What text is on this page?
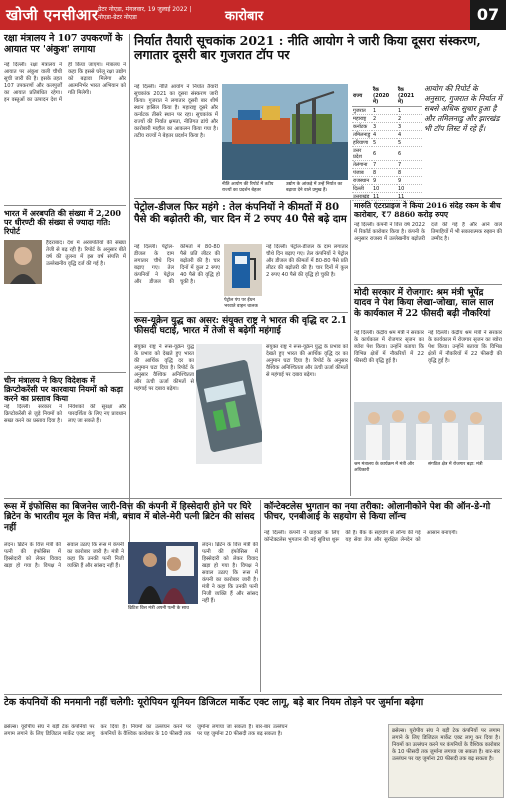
खोजी एनसीआर ग्रेटर नोएडा, मंगलवार, 19 जुलाई 2022 | नोएडा-ग्रेटर नोएडा	कारोबार	07
रक्षा मंत्रालय ने 107 उपकरणों के आयात पर 'अंकुश' लगाया
नई दिल्ली। रक्षा मंत्रालय ने आयात पर अंकुश वाली चौथी सूची जारी की है। इसके तहत 107 उपकरणों और कलपुर्जों का आयात प्रतिबंधित रहेगा। इन वस्तुओं का उत्पादन देश में ही किया जाएगा। मंत्रालय ने कहा कि इससे घरेलू रक्षा उद्योग को बढ़ावा मिलेगा और आत्मनिर्भर भारत अभियान को गति मिलेगी।
भारत में अरबपति की संख्या में 2,200 पर धीरण्टी की संख्या से ज्यादा गति: रिपोर्ट
हैदराबाद। देश में अरबपतियों की संख्या तेजी से बढ़ रही है। रिपोर्ट के अनुसार बीते वर्ष की तुलना में इस वर्ष संपत्ति में उल्लेखनीय वृद्धि दर्ज की गई है।
चीन मंत्रालय ने किए विदेशक में क्रिप्टोकरेंसी पर कारवाया नियमों को कड़ा करने का प्रस्ताव किया
नई दिल्ली। सरकार ने क्रिप्टोकरेंसी से जुड़े नियमों को सख्त करने का प्रस्ताव दिया है। निवेशकों की सुरक्षा और पारदर्शिता के लिए नए प्रावधान लाए जा सकते हैं।
निर्यात तैयारी सूचकांक 2021 : नीति आयोग ने जारी किया दूसरा संस्करण, लगातार दूसरी बार गुजरात टॉप पर
नई दिल्ली। नीति आयोग ने निर्यात तैयारी सूचकांक 2021 का दूसरा संस्करण जारी किया। गुजरात ने लगातार दूसरी बार शीर्ष स्थान हासिल किया है। महाराष्ट्र दूसरे और कर्नाटक तीसरे स्थान पर रहा। सूचकांक में राज्यों की निर्यात क्षमता, नीतिगत ढांचे और कारोबारी माहौल का आकलन किया गया है। तटीय राज्यों ने बेहतर प्रदर्शन किया है।
नीति आयोग की रिपोर्ट में तटीय राज्यों का प्रदर्शन बेहतर
उद्योग के आंकड़े में उन्हें निर्यात का बढ़ावा देने वाले प्रमुख हैं।
राज्य	रैंक (2020 में)	रैंक (2021 में)
गुजरात	1	1
महाराष्ट्र	2	2
कर्नाटक	3	3
तमिलनाडु	4	4
हरियाणा	5	5
उत्तर प्रदेश	6	6
तेलंगाना	7	7
पंजाब	8	8
राजस्थान	9	9
दिल्ली	10	10
उत्तराखंड	11	11
आयोग की रिपोर्ट के अनुसार, गुजरात के निर्यात में सबसे अधिक सुधार हुआ है और तमिलनाडु और झारखंड भी टॉप लिस्ट में रहे हैं।
पेट्रोल-डीजल फिर महंगे : तेल कंपनियों ने कीमतों में 80 पैसे की बढ़ोतरी की, चार दिन में 2 रुपए 40 पैसे बढ़े दाम
नई दिल्ली। पेट्रोल-डीजल के दाम लगातार चौथे दिन बढ़ाए गए। तेल कंपनियों ने पेट्रोल और डीजल की कीमतों में 80-80 पैसे प्रति लीटर की बढ़ोतरी की है। चार दिनों में कुल 2 रुपए 40 पैसे की वृद्धि हो चुकी है।
पेट्रोल पंप पर ईंधन भरवाते वाहन चालक
नई दिल्ली। पेट्रोल-डीजल के दाम लगातार चौथे दिन बढ़ाए गए। तेल कंपनियों ने पेट्रोल और डीजल की कीमतों में 80-80 पैसे प्रति लीटर की बढ़ोतरी की है। चार दिनों में कुल 2 रुपए 40 पैसे की वृद्धि हो चुकी है।
रूस-यूक्रेन युद्ध का असर: संयुक्त राष्ट्र ने भारत की वृद्धि दर 2.1 फीसदी घटाई, भारत में तेजी से बढ़ेगी महंगाई
संयुक्त राष्ट्र ने रूस-यूक्रेन युद्ध के प्रभाव को देखते हुए भारत की आर्थिक वृद्धि दर का अनुमान घटा दिया है। रिपोर्ट के अनुसार वैश्विक अनिश्चितता और ऊंची ऊर्जा कीमतों से महंगाई पर दबाव बढ़ेगा।
संयुक्त राष्ट्र ने रूस-यूक्रेन युद्ध के प्रभाव को देखते हुए भारत की आर्थिक वृद्धि दर का अनुमान घटा दिया है। रिपोर्ट के अनुसार वैश्विक अनिश्चितता और ऊंची ऊर्जा कीमतों से महंगाई पर दबाव बढ़ेगा।
मारुति एंटरप्राइज ने किया 2016 संदेह रकम के बीच कारोबार, ₹7 8860 करोड़ रुपए
नई दिल्ली। कंपनी ने वित्त वर्ष 2022 में रिकॉर्ड कारोबार किया है। कंपनी के अनुसार राजस्व में उल्लेखनीय बढ़ोतरी दर्ज की गई है और आने वाले तिमाहियों में भी सकारात्मक रुझान की उम्मीद है।
मोदी सरकार में रोजगार: श्रम मंत्री भूपेंद्र यादव ने पेश किया लेखा-जोखा, साल साल के कार्यकाल में 22 फीसदी बढ़ी नौकरियां
नई दिल्ली। केंद्रीय श्रम मंत्री ने सरकार के कार्यकाल में रोजगार सृजन का ब्योरा पेश किया। उन्होंने बताया कि विभिन्न क्षेत्रों में नौकरियों में 22 फीसदी की वृद्धि हुई है।
नई दिल्ली। केंद्रीय श्रम मंत्री ने सरकार के कार्यकाल में रोजगार सृजन का ब्योरा पेश किया। उन्होंने बताया कि विभिन्न क्षेत्रों में नौकरियों में 22 फीसदी की वृद्धि हुई है।
श्रम मंत्रालय के कार्यक्रम में मंत्री और अधिकारी
संगठित क्षेत्र में रोजगार बढ़ा: मंत्री
रूस में इंफोसिस का बिजनेस जारी-वित्त की कंपनी में हिस्सेदारी होने पर घिरे ब्रिटेन के भारतीय मूल के वित्त मंत्री, बचाव में बोले-मेरी पत्नी ब्रिटेन की सांसद नहीं
लंदन। ब्रिटेन के वित्त मंत्री की पत्नी की इंफोसिस में हिस्सेदारी को लेकर विवाद खड़ा हो गया है। विपक्ष ने सवाल उठाए कि रूस में कंपनी का कारोबार जारी है। मंत्री ने कहा कि उनकी पत्नी निजी व्यक्ति हैं और सांसद नहीं हैं।
ब्रिटिश वित्त मंत्री अपनी पत्नी के साथ
लंदन। ब्रिटेन के वित्त मंत्री की पत्नी की इंफोसिस में हिस्सेदारी को लेकर विवाद खड़ा हो गया है। विपक्ष ने सवाल उठाए कि रूस में कंपनी का कारोबार जारी है। मंत्री ने कहा कि उनकी पत्नी निजी व्यक्ति हैं और सांसद नहीं हैं।
कॉन्टेक्टलेस भुगतान का नया तरीका: ओलानीकोने पेश की ऑन-डे-गो फीचर, एनबीआई के सहयोग से किया लॉन्च
नई दिल्ली। कंपनी ने ग्राहकों के लिए कॉन्टेक्टलेस भुगतान की नई सुविधा शुरू की है। बैंक के सहयोग से लॉन्च की गई यह सेवा तेज और सुरक्षित लेनदेन को आसान बनाएगी।
टेक कंपनियों की मनमानी नहीं चलेगी: यूरोपियन यूनियन डिजिटल मार्केट एक्ट लागू, बड़े बार नियम तोड़ने पर जुर्माना बढ़ेगा
ब्रसेल्स। यूरोपीय संघ ने बड़ी टेक कंपनियों पर लगाम लगाने के लिए डिजिटल मार्केट एक्ट लागू कर दिया है। नियमों का उल्लंघन करने पर कंपनियों के वैश्विक कारोबार के 10 फीसदी तक जुर्माना लगाया जा सकता है। बार-बार उल्लंघन पर यह जुर्माना 20 फीसदी तक बढ़ सकता है।	ब्रसेल्स। यूरोपीय संघ ने बड़ी टेक कंपनियों पर लगाम लगाने के लिए डिजिटल मार्केट एक्ट लागू कर दिया है। नियमों का उल्लंघन करने पर कंपनियों के वैश्विक कारोबार के 10 फीसदी तक जुर्माना लगाया जा सकता है। बार-बार उल्लंघन पर यह जुर्माना 20 फीसदी तक बढ़ सकता है।
